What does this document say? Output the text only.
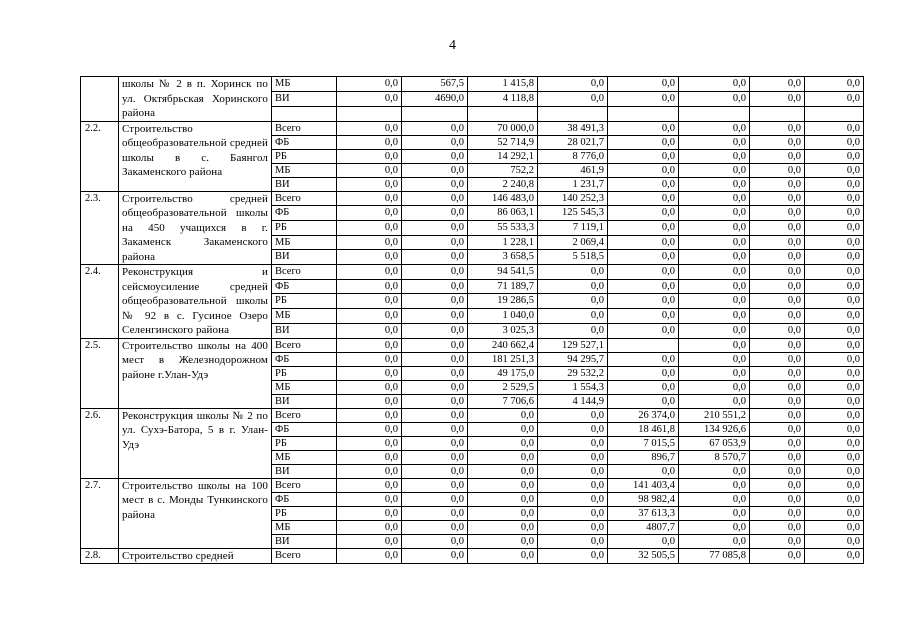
4
	школы № 2 в п. Хоринск по ул. Октябрьская Хоринского района	МБ	0,0	567,5	1 415,8	0,0	0,0	0,0	0,0	0,0
		ВИ	0,0	4690,0	4 118,8	0,0	0,0	0,0	0,0	0,0

2.2.	Строительство общеобразовательной средней школы в с. Баянгол Закаменского района	Всего	0,0	0,0	70 000,0	38 491,3	0,0	0,0	0,0	0,0
		ФБ	0,0	0,0	52 714,9	28 021,7	0,0	0,0	0,0	0,0
		РБ	0,0	0,0	14 292,1	8 776,0	0,0	0,0	0,0	0,0
		МБ	0,0	0,0	752,2	461,9	0,0	0,0	0,0	0,0
		ВИ	0,0	0,0	2 240,8	1 231,7	0,0	0,0	0,0	0,0
2.3.	Строительство средней общеобразовательной школы на 450 учащихся в г. Закаменск Закаменского района	Всего	0,0	0,0	146 483,0	140 252,3	0,0	0,0	0,0	0,0
		ФБ	0,0	0,0	86 063,1	125 545,3	0,0	0,0	0,0	0,0
		РБ	0,0	0,0	55 533,3	7 119,1	0,0	0,0	0,0	0,0
		МБ	0,0	0,0	1 228,1	2 069,4	0,0	0,0	0,0	0,0
		ВИ	0,0	0,0	3 658,5	5 518,5	0,0	0,0	0,0	0,0
2.4.	Реконструкция и сейсмоусиление средней общеобразовательной школы № 92 в с. Гусиное Озеро Селенгинского района	Всего	0,0	0,0	94 541,5	0,0	0,0	0,0	0,0	0,0
		ФБ	0,0	0,0	71 189,7	0,0	0,0	0,0	0,0	0,0
		РБ	0,0	0,0	19 286,5	0,0	0,0	0,0	0,0	0,0
		МБ	0,0	0,0	1 040,0	0,0	0,0	0,0	0,0	0,0
		ВИ	0,0	0,0	3 025,3	0,0	0,0	0,0	0,0	0,0
2.5.	Строительство школы на 400 мест в Железнодорожном районе г.Улан-Удэ	Всего	0,0	0,0	240 662,4	129 527,1		0,0	0,0	0,0
		ФБ	0,0	0,0	181 251,3	94 295,7	0,0	0,0	0,0	0,0
		РБ	0,0	0,0	49 175,0	29 532,2	0,0	0,0	0,0	0,0
		МБ	0,0	0,0	2 529,5	1 554,3	0,0	0,0	0,0	0,0
		ВИ	0,0	0,0	7 706,6	4 144,9	0,0	0,0	0,0	0,0
2.6.	Реконструкция школы № 2 по ул. Сухэ-Батора, 5 в г. Улан-Удэ	Всего	0,0	0,0	0,0	0,0	26 374,0	210 551,2	0,0	0,0
		ФБ	0,0	0,0	0,0	0,0	18 461,8	134 926,6	0,0	0,0
		РБ	0,0	0,0	0,0	0,0	7 015,5	67 053,9	0,0	0,0
		МБ	0,0	0,0	0,0	0,0	896,7	8 570,7	0,0	0,0
		ВИ	0,0	0,0	0,0	0,0	0,0	0,0	0,0	0,0
2.7.	Строительство школы на 100 мест в с. Монды Тункинского района	Всего	0,0	0,0	0,0	0,0	141 403,4	0,0	0,0	0,0
		ФБ	0,0	0,0	0,0	0,0	98 982,4	0,0	0,0	0,0
		РБ	0,0	0,0	0,0	0,0	37 613,3	0,0	0,0	0,0
		МБ	0,0	0,0	0,0	0,0	4807,7	0,0	0,0	0,0
		ВИ	0,0	0,0	0,0	0,0	0,0	0,0	0,0	0,0
2.8.	Строительство средней	Всего	0,0	0,0	0,0	0,0	32 505,5	77 085,8	0,0	0,0
